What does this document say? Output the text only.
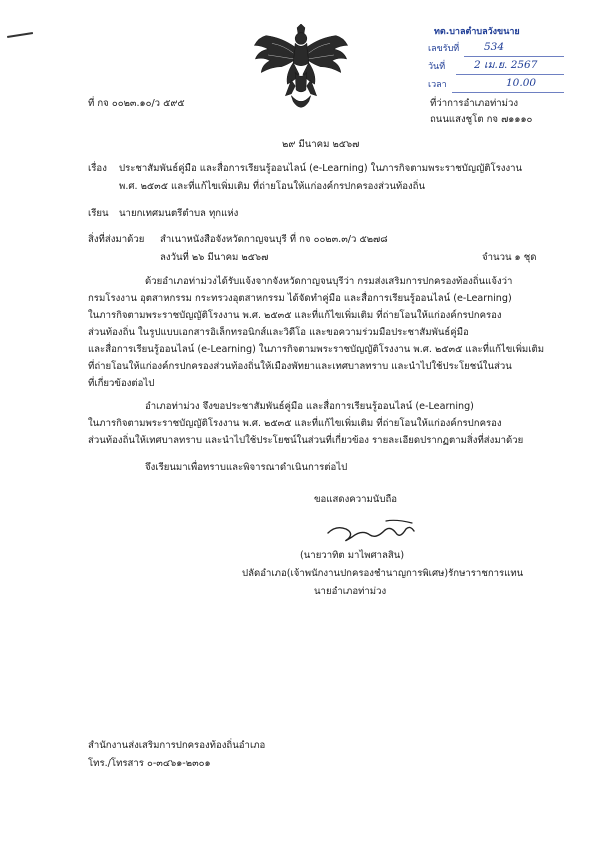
ทต.บาลตำบลวังขนาย
เลขรับที่ 534
วันที่	2 เม.ย. 2567
เวลา	10.00
ที่ กจ ๐๐๒๓.๑๐/ว ๕๙๕	ที่ว่าการอำเภอท่าม่วง
ถนนแสงชูโต กจ ๗๑๑๑๐
๒๙ มีนาคม ๒๕๖๗
เรื่อง ประชาสัมพันธ์คู่มือ และสื่อการเรียนรู้ออนไลน์ (e-Learning) ในภารกิจตามพระราชบัญญัติโรงงาน
พ.ศ. ๒๕๓๕ และที่แก้ไขเพิ่มเติม ที่ถ่ายโอนให้แก่องค์กรปกครองส่วนท้องถิ่น
เรียน นายกเทศมนตรีตำบล ทุกแห่ง
สิ่งที่ส่งมาด้วย สำเนาหนังสือจังหวัดกาญจนบุรี ที่ กจ ๐๐๒๓.๓/ว ๕๒๗๘
ลงวันที่ ๒๖ มีนาคม ๒๕๖๗	จำนวน ๑ ชุด
ด้วยอำเภอท่าม่วงได้รับแจ้งจากจังหวัดกาญจนบุรีว่า กรมส่งเสริมการปกครองท้องถิ่นแจ้งว่า
กรมโรงงาน อุตสาหกรรม กระทรวงอุตสาหกรรม ได้จัดทำคู่มือ และสื่อการเรียนรู้ออนไลน์ (e-Learning)
ในภารกิจตามพระราชบัญญัติโรงงาน พ.ศ. ๒๕๓๕ และที่แก้ไขเพิ่มเติม ที่ถ่ายโอนให้แก่องค์กรปกครอง
ส่วนท้องถิ่น ในรูปแบบเอกสารอิเล็กทรอนิกส์และวิดีโอ และขอความร่วมมือประชาสัมพันธ์คู่มือ
และสื่อการเรียนรู้ออนไลน์ (e-Learning) ในภารกิจตามพระราชบัญญัติโรงงาน พ.ศ. ๒๕๓๕ และที่แก้ไขเพิ่มเติม
ที่ถ่ายโอนให้แก่องค์กรปกครองส่วนท้องถิ่นให้เมืองพัทยาและเทศบาลทราบ และนำไปใช้ประโยชน์ในส่วน
ที่เกี่ยวข้องต่อไป
อำเภอท่าม่วง จึงขอประชาสัมพันธ์คู่มือ และสื่อการเรียนรู้ออนไลน์ (e-Learning)
ในภารกิจตามพระราชบัญญัติโรงงาน พ.ศ. ๒๕๓๕ และที่แก้ไขเพิ่มเติม ที่ถ่ายโอนให้แก่องค์กรปกครอง
ส่วนท้องถิ่นให้เทศบาลทราบ และนำไปใช้ประโยชน์ในส่วนที่เกี่ยวข้อง รายละเอียดปรากฏตามสิ่งที่ส่งมาด้วย
จึงเรียนมาเพื่อทราบและพิจารณาดำเนินการต่อไป
ขอแสดงความนับถือ
(นายวาทิต มาไพศาลสิน)
ปลัดอำเภอ(เจ้าพนักงานปกครองชำนาญการพิเศษ)รักษาราชการแทน
นายอำเภอท่าม่วง
สำนักงานส่งเสริมการปกครองท้องถิ่นอำเภอ
โทร./โทรสาร ๐-๓๔๖๑-๒๓๐๑
